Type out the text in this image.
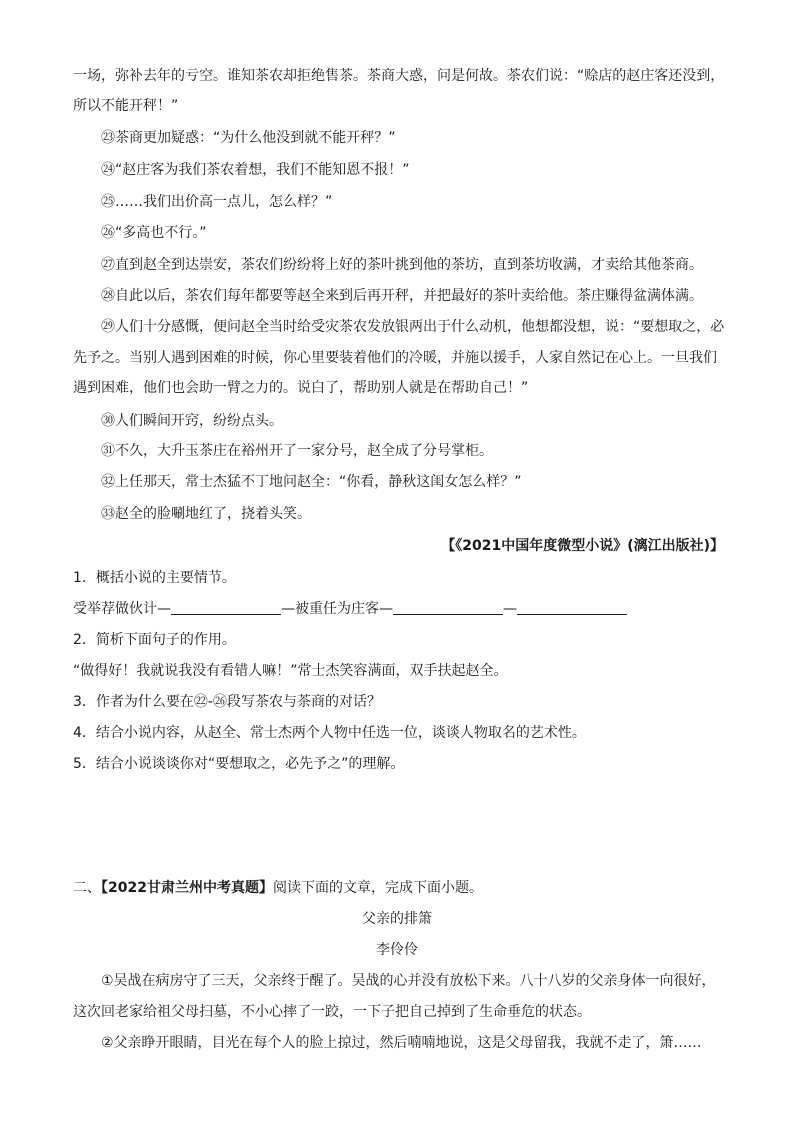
一场，弥补去年的亏空。谁知茶农却拒绝售茶。茶商大惑，问是何故。茶农们说：“赊店的赵庄客还没到，
所以不能开秤！”
㉓茶商更加疑惑：“为什么他没到就不能开秤？”
㉔“赵庄客为我们茶农着想，我们不能知恩不报！”
㉕……我们出价高一点儿，怎么样？”
㉖“多高也不行。”
㉗直到赵全到达崇安，茶农们纷纷将上好的茶叶挑到他的茶坊，直到茶坊收满，才卖给其他茶商。
㉘自此以后，茶农们每年都要等赵全来到后再开秤，并把最好的茶叶卖给他。茶庄赚得盆满体满。
㉙人们十分感慨，便问赵全当时给受灾茶农发放银两出于什么动机，他想都没想，说：“要想取之，必
先予之。当别人遇到困难的时候，你心里要装着他们的冷暖，并施以援手，人家自然记在心上。一旦我们
遇到困难，他们也会助一臂之力的。说白了，帮助别人就是在帮助自己！”
㉚人们瞬间开窍，纷纷点头。
㉛不久，大升玉茶庄在裕州开了一家分号，赵全成了分号掌柜。
㉜上任那天，常士杰猛不丁地问赵全：“你看，静秋这闺女怎么样？”
㉝赵全的脸唰地红了，挠着头笑。
【《2021中国年度微型小说》(漓江出版社)】
1．概括小说的主要情节。
受举荐做伙计—	—被重任为庄客—	—
2．简析下面句子的作用。
“做得好！我就说我没有看错人嘛！”常士杰笑容满面，双手扶起赵全。
3．作者为什么要在㉒-㉖段写茶农与茶商的对话？
4．结合小说内容，从赵全、常士杰两个人物中任选一位，谈谈人物取名的艺术性。
5．结合小说谈谈你对“要想取之，必先予之”的理解。
二、【2022甘肃兰州中考真题】阅读下面的文章，完成下面小题。
父亲的排箫
李伶伶
①吴战在病房守了三天，父亲终于醒了。吴战的心并没有放松下来。八十八岁的父亲身体一向很好，
这次回老家给祖父母扫墓，不小心摔了一跤，一下子把自己掉到了生命垂危的状态。
②父亲睁开眼睛，目光在每个人的脸上掠过，然后喃喃地说，这是父母留我，我就不走了，箫……
